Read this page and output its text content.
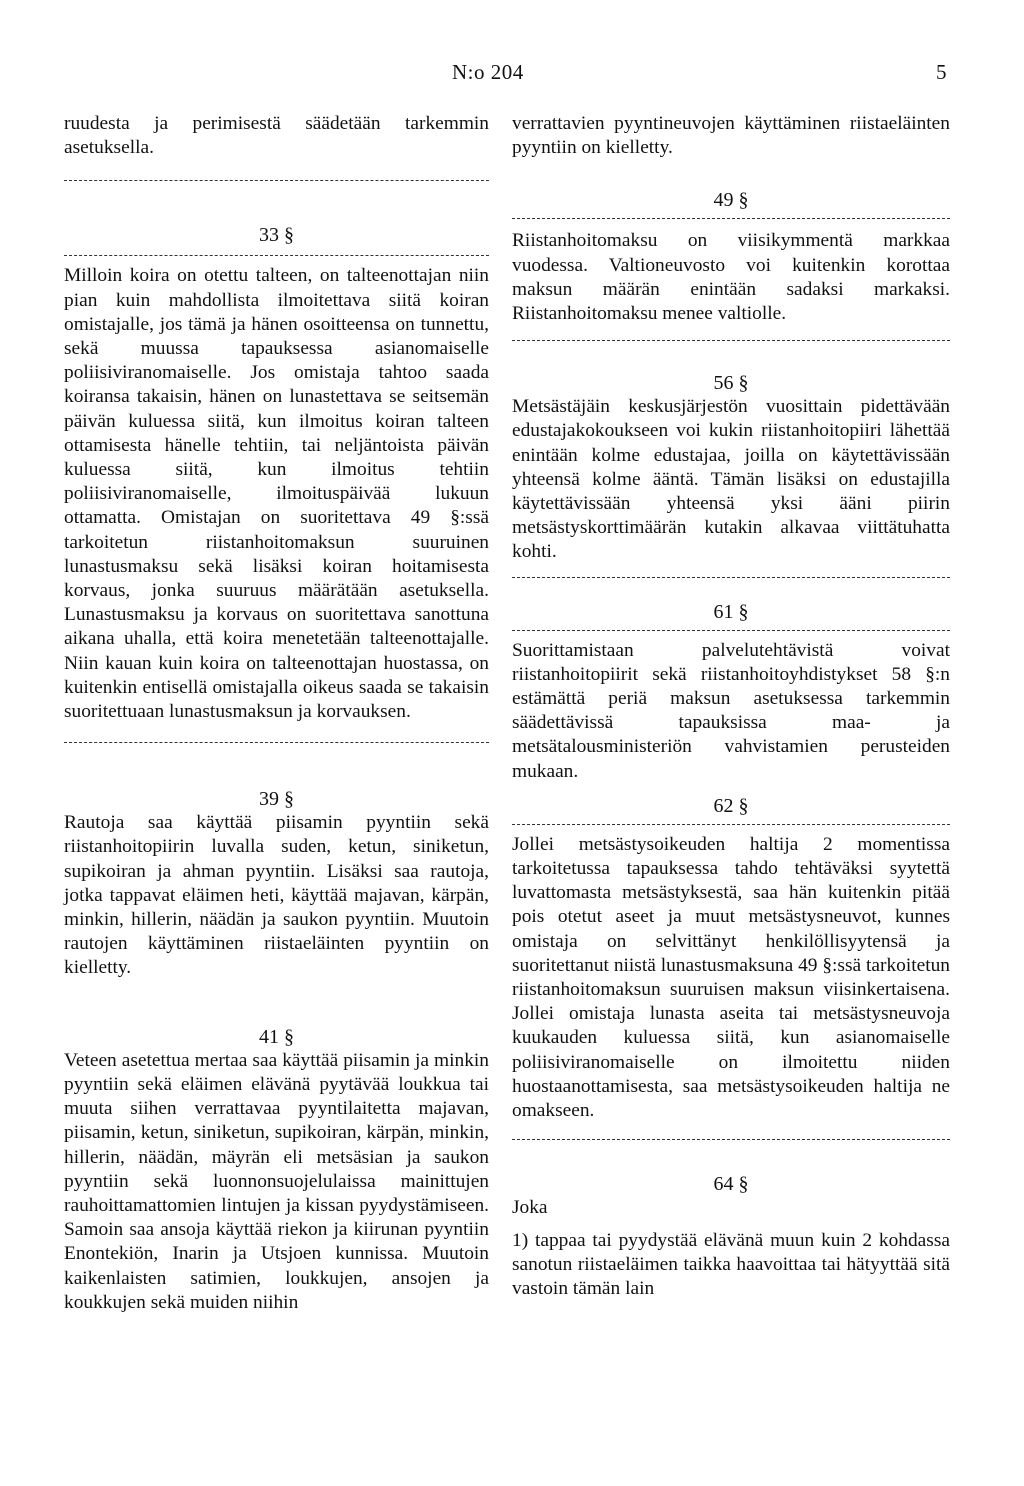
N:o 204	5

ruudesta ja perimisestä säädetään tarkemmin asetuksella.

33 §

Milloin koira on otettu talteen, on talteenottajan niin pian kuin mahdollista ilmoitettava siitä koiran omistajalle, jos tämä ja hänen osoitteensa on tunnettu, sekä muussa tapauksessa asianomaiselle poliisiviranomaiselle. Jos omistaja tahtoo saada koiransa takaisin, hänen on lunastettava se seitsemän päivän kuluessa siitä, kun ilmoitus koiran talteen ottamisesta hänelle tehtiin, tai neljäntoista päivän kuluessa siitä, kun ilmoitus tehtiin poliisiviranomaiselle, ilmoituspäivää lukuun ottamatta. Omistajan on suoritettava 49 §:ssä tarkoitetun riistanhoitomaksun suuruinen lunastusmaksu sekä lisäksi koiran hoitamisesta korvaus, jonka suuruus määrätään asetuksella. Lunastusmaksu ja korvaus on suoritettava sanottuna aikana uhalla, että koira menetetään talteenottajalle. Niin kauan kuin koira on talteenottajan huostassa, on kuitenkin entisellä omistajalla oikeus saada se takaisin suoritettuaan lunastusmaksun ja korvauksen.

39 §

Rautoja saa käyttää piisamin pyyntiin sekä riistanhoitopiirin luvalla suden, ketun, siniketun, supikoiran ja ahman pyyntiin. Lisäksi saa rautoja, jotka tappavat eläimen heti, käyttää majavan, kärpän, minkin, hillerin, näädän ja saukon pyyntiin. Muutoin rautojen käyttäminen riistaeläinten pyyntiin on kielletty.

41 §

Veteen asetettua mertaa saa käyttää piisamin ja minkin pyyntiin sekä eläimen elävänä pyytävää loukkua tai muuta siihen verrattavaa pyyntilaitetta majavan, piisamin, ketun, siniketun, supikoiran, kärpän, minkin, hillerin, näädän, mäyrän eli metsäsian ja saukon pyyntiin sekä luonnonsuojelulaissa mainittujen rauhoittamattomien lintujen ja kissan pyydystämiseen. Samoin saa ansoja käyttää riekon ja kiirunan pyyntiin Enontekiön, Inarin ja Utsjoen kunnissa. Muutoin kaikenlaisten satimien, loukkujen, ansojen ja koukkujen sekä muiden niihin

verrattavien pyyntineuvojen käyttäminen riistaeläinten pyyntiin on kielletty.

49 §

Riistanhoitomaksu on viisikymmentä markkaa vuodessa. Valtioneuvosto voi kuitenkin korottaa maksun määrän enintään sadaksi markaksi. Riistanhoitomaksu menee valtiolle.

56 §

Metsästäjäin keskusjärjestön vuosittain pidettävään edustajakokoukseen voi kukin riistanhoitopiiri lähettää enintään kolme edustajaa, joilla on käytettävissään yhteensä kolme ääntä. Tämän lisäksi on edustajilla käytettävissään yhteensä yksi ääni piirin metsästyskorttimäärän kutakin alkavaa viittätuhatta kohti.

61 §

Suorittamistaan palvelutehtävistä voivat riistanhoitopiirit sekä riistanhoitoyhdistykset 58 §:n estämättä periä maksun asetuksessa tarkemmin säädettävissä tapauksissa maa- ja metsätalousministeriön vahvistamien perusteiden mukaan.

62 §

Jollei metsästysoikeuden haltija 2 momentissa tarkoitetussa tapauksessa tahdo tehtäväksi syytettä luvattomasta metsästyksestä, saa hän kuitenkin pitää pois otetut aseet ja muut metsästysneuvot, kunnes omistaja on selvittänyt henkilöllisyytensä ja suoritettanut niistä lunastusmaksuna 49 §:ssä tarkoitetun riistanhoitomaksun suuruisen maksun viisinkertaisena. Jollei omistaja lunasta aseita tai metsästysneuvoja kuukauden kuluessa siitä, kun asianomaiselle poliisiviranomaiselle on ilmoitettu niiden huostaanottamisesta, saa metsästysoikeuden haltija ne omakseen.

64 §

Joka

1) tappaa tai pyydystää elävänä muun kuin 2 kohdassa sanotun riistaeläimen taikka haavoittaa tai hätyyttää sitä vastoin tämän lain
